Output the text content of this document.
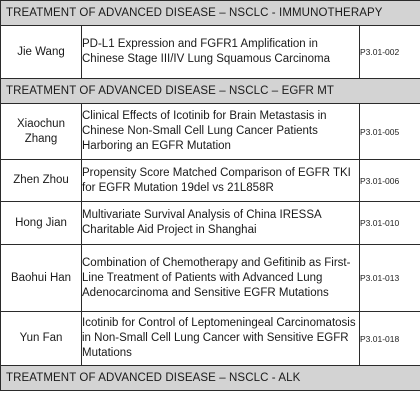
TREATMENT OF ADVANCED DISEASE – NSCLC - IMMUNOTHERAPY		
Jie Wang	PD-L1 Expression and FGFR1 Amplification in Chinese Stage III/IV Lung Squamous Carcinoma	P3.01-002
TREATMENT OF ADVANCED DISEASE – NSCLC – EGFR MT		
Xiaochun Zhang	Clinical Effects of Icotinib for Brain Metastasis in Chinese Non-Small Cell Lung Cancer Patients Harboring an EGFR Mutation	P3.01-005
Zhen Zhou	Propensity Score Matched Comparison of EGFR TKI for EGFR Mutation 19del vs 21L858R	P3.01-006
Hong Jian	Multivariate Survival Analysis of China IRESSA Charitable Aid Project in Shanghai	P3.01-010
Baohui Han	Combination of Chemotherapy and Gefitinib as First-Line Treatment of Patients with Advanced Lung Adenocarcinoma and Sensitive EGFR Mutations	P3.01-013
Yun Fan	Icotinib for Control of Leptomeningeal Carcinomatosis in Non-Small Cell Lung Cancer with Sensitive EGFR Mutations	P3.01-018
TREATMENT OF ADVANCED DISEASE – NSCLC - ALK		
